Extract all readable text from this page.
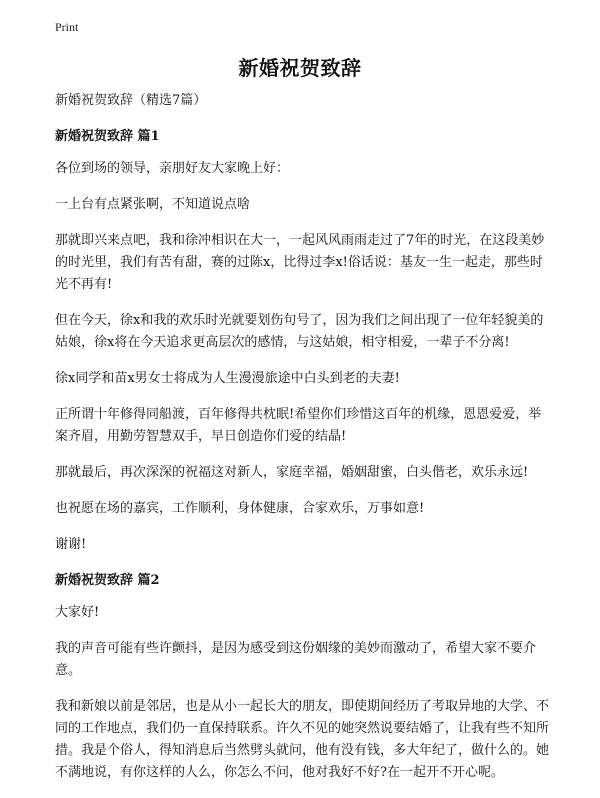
Print
新婚祝贺致辞

新婚祝贺致辞（精选7篇）

新婚祝贺致辞 篇1

各位到场的领导，亲朋好友大家晚上好：

一上台有点紧张啊，不知道说点啥

那就即兴来点吧，我和徐冲相识在大一，一起风风雨雨走过了7年的时光，在这段美妙的时光里，我们有苦有甜，赛的过陈x，比得过李x!俗话说：基友一生一起走，那些时光不再有!

但在今天，徐x和我的欢乐时光就要划伤句号了，因为我们之间出现了一位年轻貌美的姑娘，徐x将在今天追求更高层次的感情，与这姑娘，相守相爱，一辈子不分离!

徐x同学和苗x男女士将成为人生漫漫旅途中白头到老的夫妻!

正所谓十年修得同船渡，百年修得共枕眠!希望你们珍惜这百年的机缘，恩恩爱爱，举案齐眉，用勤劳智慧双手，早日创造你们爱的结晶!

那就最后，再次深深的祝福这对新人，家庭幸福，婚姻甜蜜，白头偕老，欢乐永远!

也祝愿在场的嘉宾，工作顺利，身体健康，合家欢乐，万事如意!

谢谢!

新婚祝贺致辞 篇2

大家好!

我的声音可能有些许颤抖，是因为感受到这份姻缘的美妙而激动了，希望大家不要介意。

我和新娘以前是邻居，也是从小一起长大的朋友，即使期间经历了考取异地的大学、不同的工作地点，我们仍一直保持联系。许久不见的她突然说要结婚了，让我有些不知所措。我是个俗人，得知消息后当然劈头就问，他有没有钱，多大年纪了，做什么的。她不满地说，有你这样的人么，你怎么不问，他对我好不好?在一起开不开心呢。
